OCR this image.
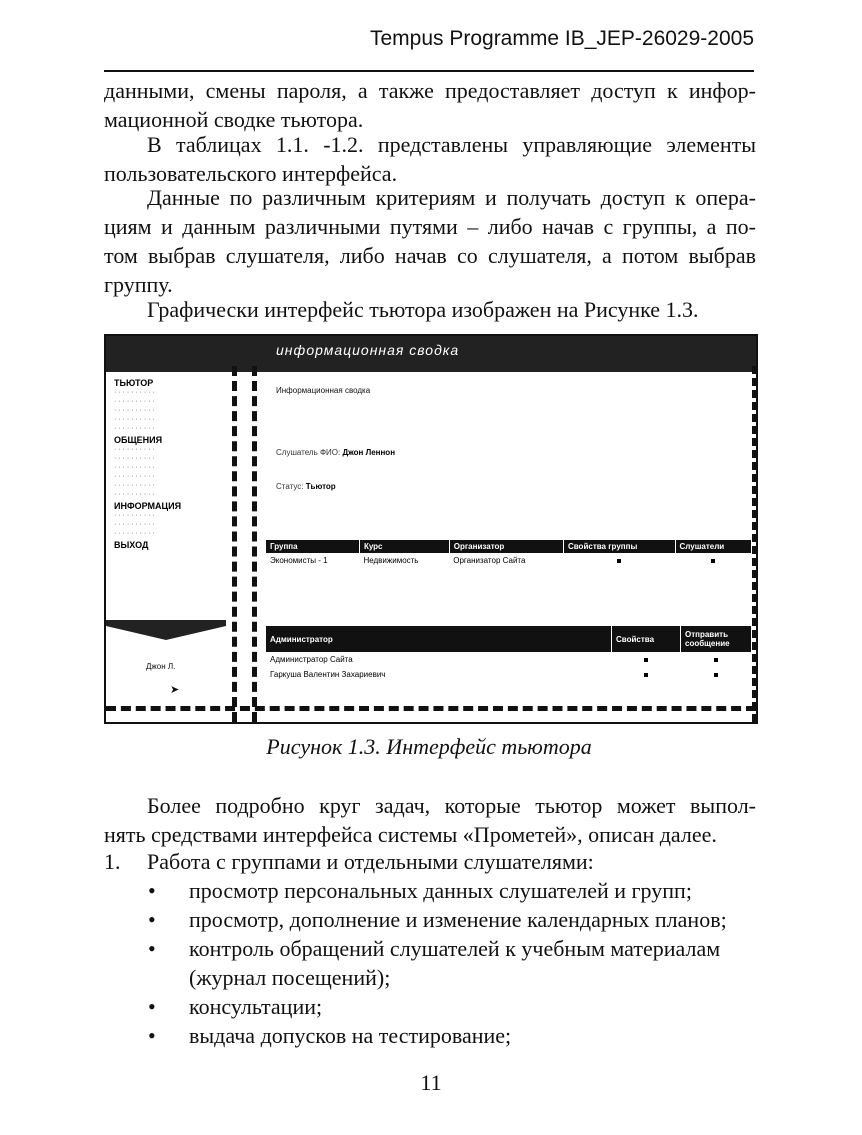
Tempus Programme IB_JEP-26029-2005

данными, смены пароля, а также предоставляет доступ к инфор-

мационной сводке тьютора.

В таблицах 1.1. -1.2. представлены управляющие элементы

пользовательского интерфейса.

Данные по различным критериям и получать доступ к опера-

циям и данным различными путями – либо начав с группы, а по-

том выбрав слушателя, либо начав со слушателя, а потом выбрав

группу.

Графически интерфейс тьютора изображен на Рисунке 1.3.

информационная сводка
ТЬЮТОР
· · · · · · · · · ·
· · · · · · · · · ·
· · · · · · · · · ·
· · · · · · · · · ·
· · · · · · · · · ·
ОБЩЕНИЯ
· · · · · · · · · ·
· · · · · · · · · ·
· · · · · · · · · ·
· · · · · · · · · ·
· · · · · · · · · ·
· · · · · · · · · ·
ИНФОРМАЦИЯ
· · · · · · · · · ·
· · · · · · · · · ·
· · · · · · · · · ·
ВЫХОД
Джон Л.
➤
Информационная сводка
Слушатель ФИО: Джон Леннон
Статус: Тьютор
Группа	Курс	Организатор	Свойства группы	Слушатели
Экономисты - 1	Недвижимость	Организатор Сайта		
Администратор	Свойства	Отправить сообщение
Администратор Сайта		
Гаркуша Валентин Захариевич		
Рисунок 1.3. Интерфейс тьютора

Более подробно круг задач, которые тьютор может выпол-

нять средствами интерфейса системы «Прометей», описан далее.

1. Работа с группами и отдельными слушателями:
• просмотр персональных данных слушателей и групп;
• просмотр, дополнение и изменение календарных планов;
• контроль обращений слушателей к учебным материалам
(журнал посещений);
• консультации;
• выдача допусков на тестирование;
11
